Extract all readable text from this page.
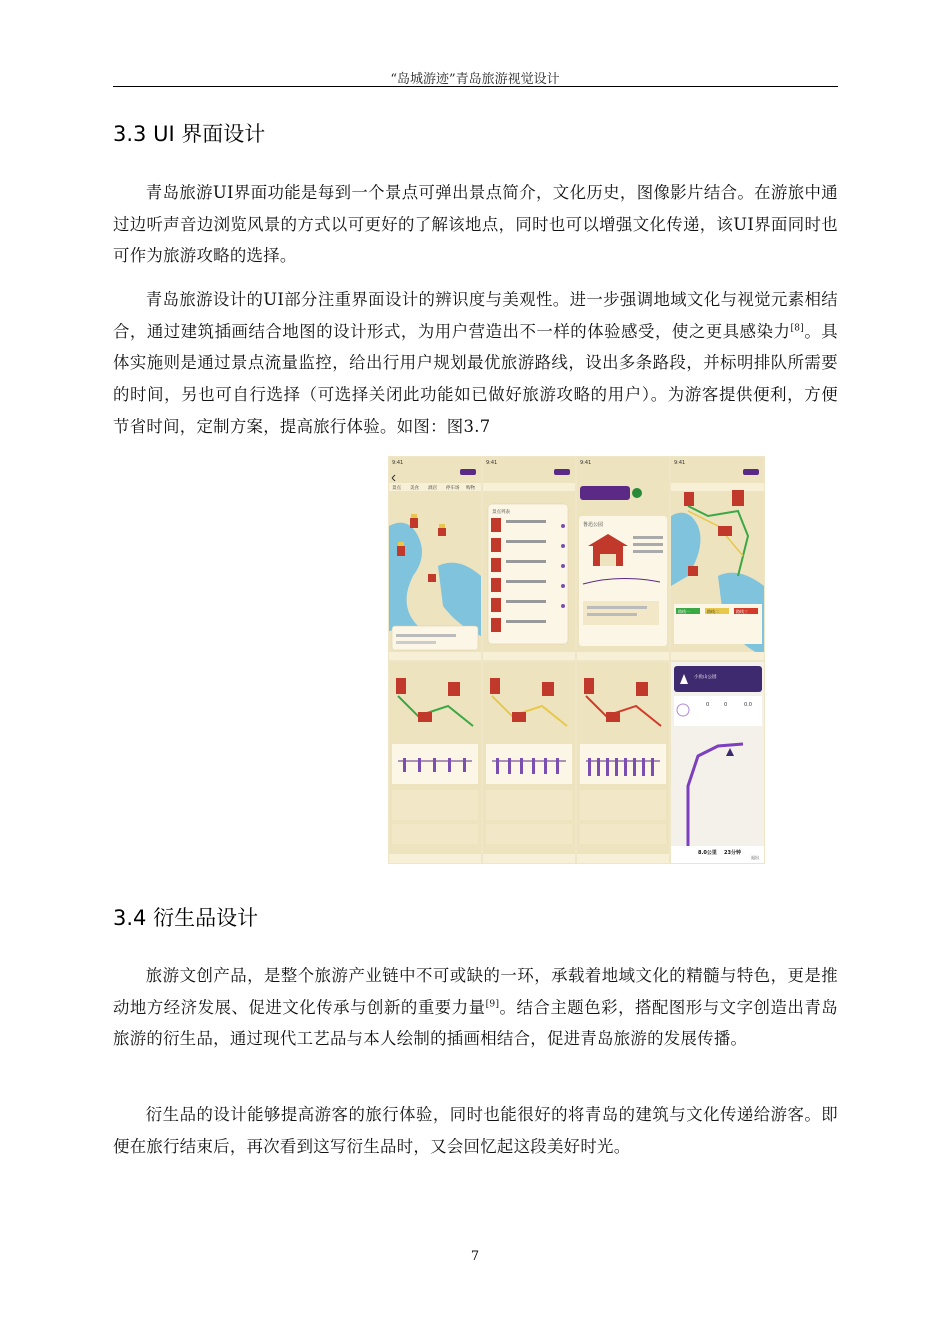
“岛城游迹”青岛旅游视觉设计
3.3 UI 界面设计

青岛旅游UI界面功能是每到一个景点可弹出景点简介，文化历史，图像影片结合。在游旅中通过边听声音边浏览风景的方式以可更好的了解该地点，同时也可以增强文化传递，该UI界面同时也可作为旅游攻略的选择。

青岛旅游设计的UI部分注重界面设计的辨识度与美观性。进一步强调地域文化与视觉元素相结合，通过建筑插画结合地图的设计形式，为用户营造出不一样的体验感受，使之更具感染力[8]。具体实施则是通过景点流量监控，给出行用户规划最优旅游路线，设出多条路段，并标明排队所需要的时间，另也可自行选择（可选择关闭此功能如已做好旅游攻略的用户）。为游客提供便利，方便节省时间，定制方案，提高旅行体验。如图：图3.7

9:41
景点 美食 酒店 停车场 购物
9:41
景点列表
9:41
鲁迅公园
9:41
路线一	路线二	路线三
小鱼山公园
0	0	0.0
8.0公里 23分钟
退出
3.4 衍生品设计

旅游文创产品，是整个旅游产业链中不可或缺的一环，承载着地域文化的精髓与特色，更是推动地方经济发展、促进文化传承与创新的重要力量[9]。结合主题色彩，搭配图形与文字创造出青岛旅游的衍生品，通过现代工艺品与本人绘制的插画相结合，促进青岛旅游的发展传播。

衍生品的设计能够提高游客的旅行体验，同时也能很好的将青岛的建筑与文化传递给游客。即便在旅行结束后，再次看到这写衍生品时，又会回忆起这段美好时光。

7
